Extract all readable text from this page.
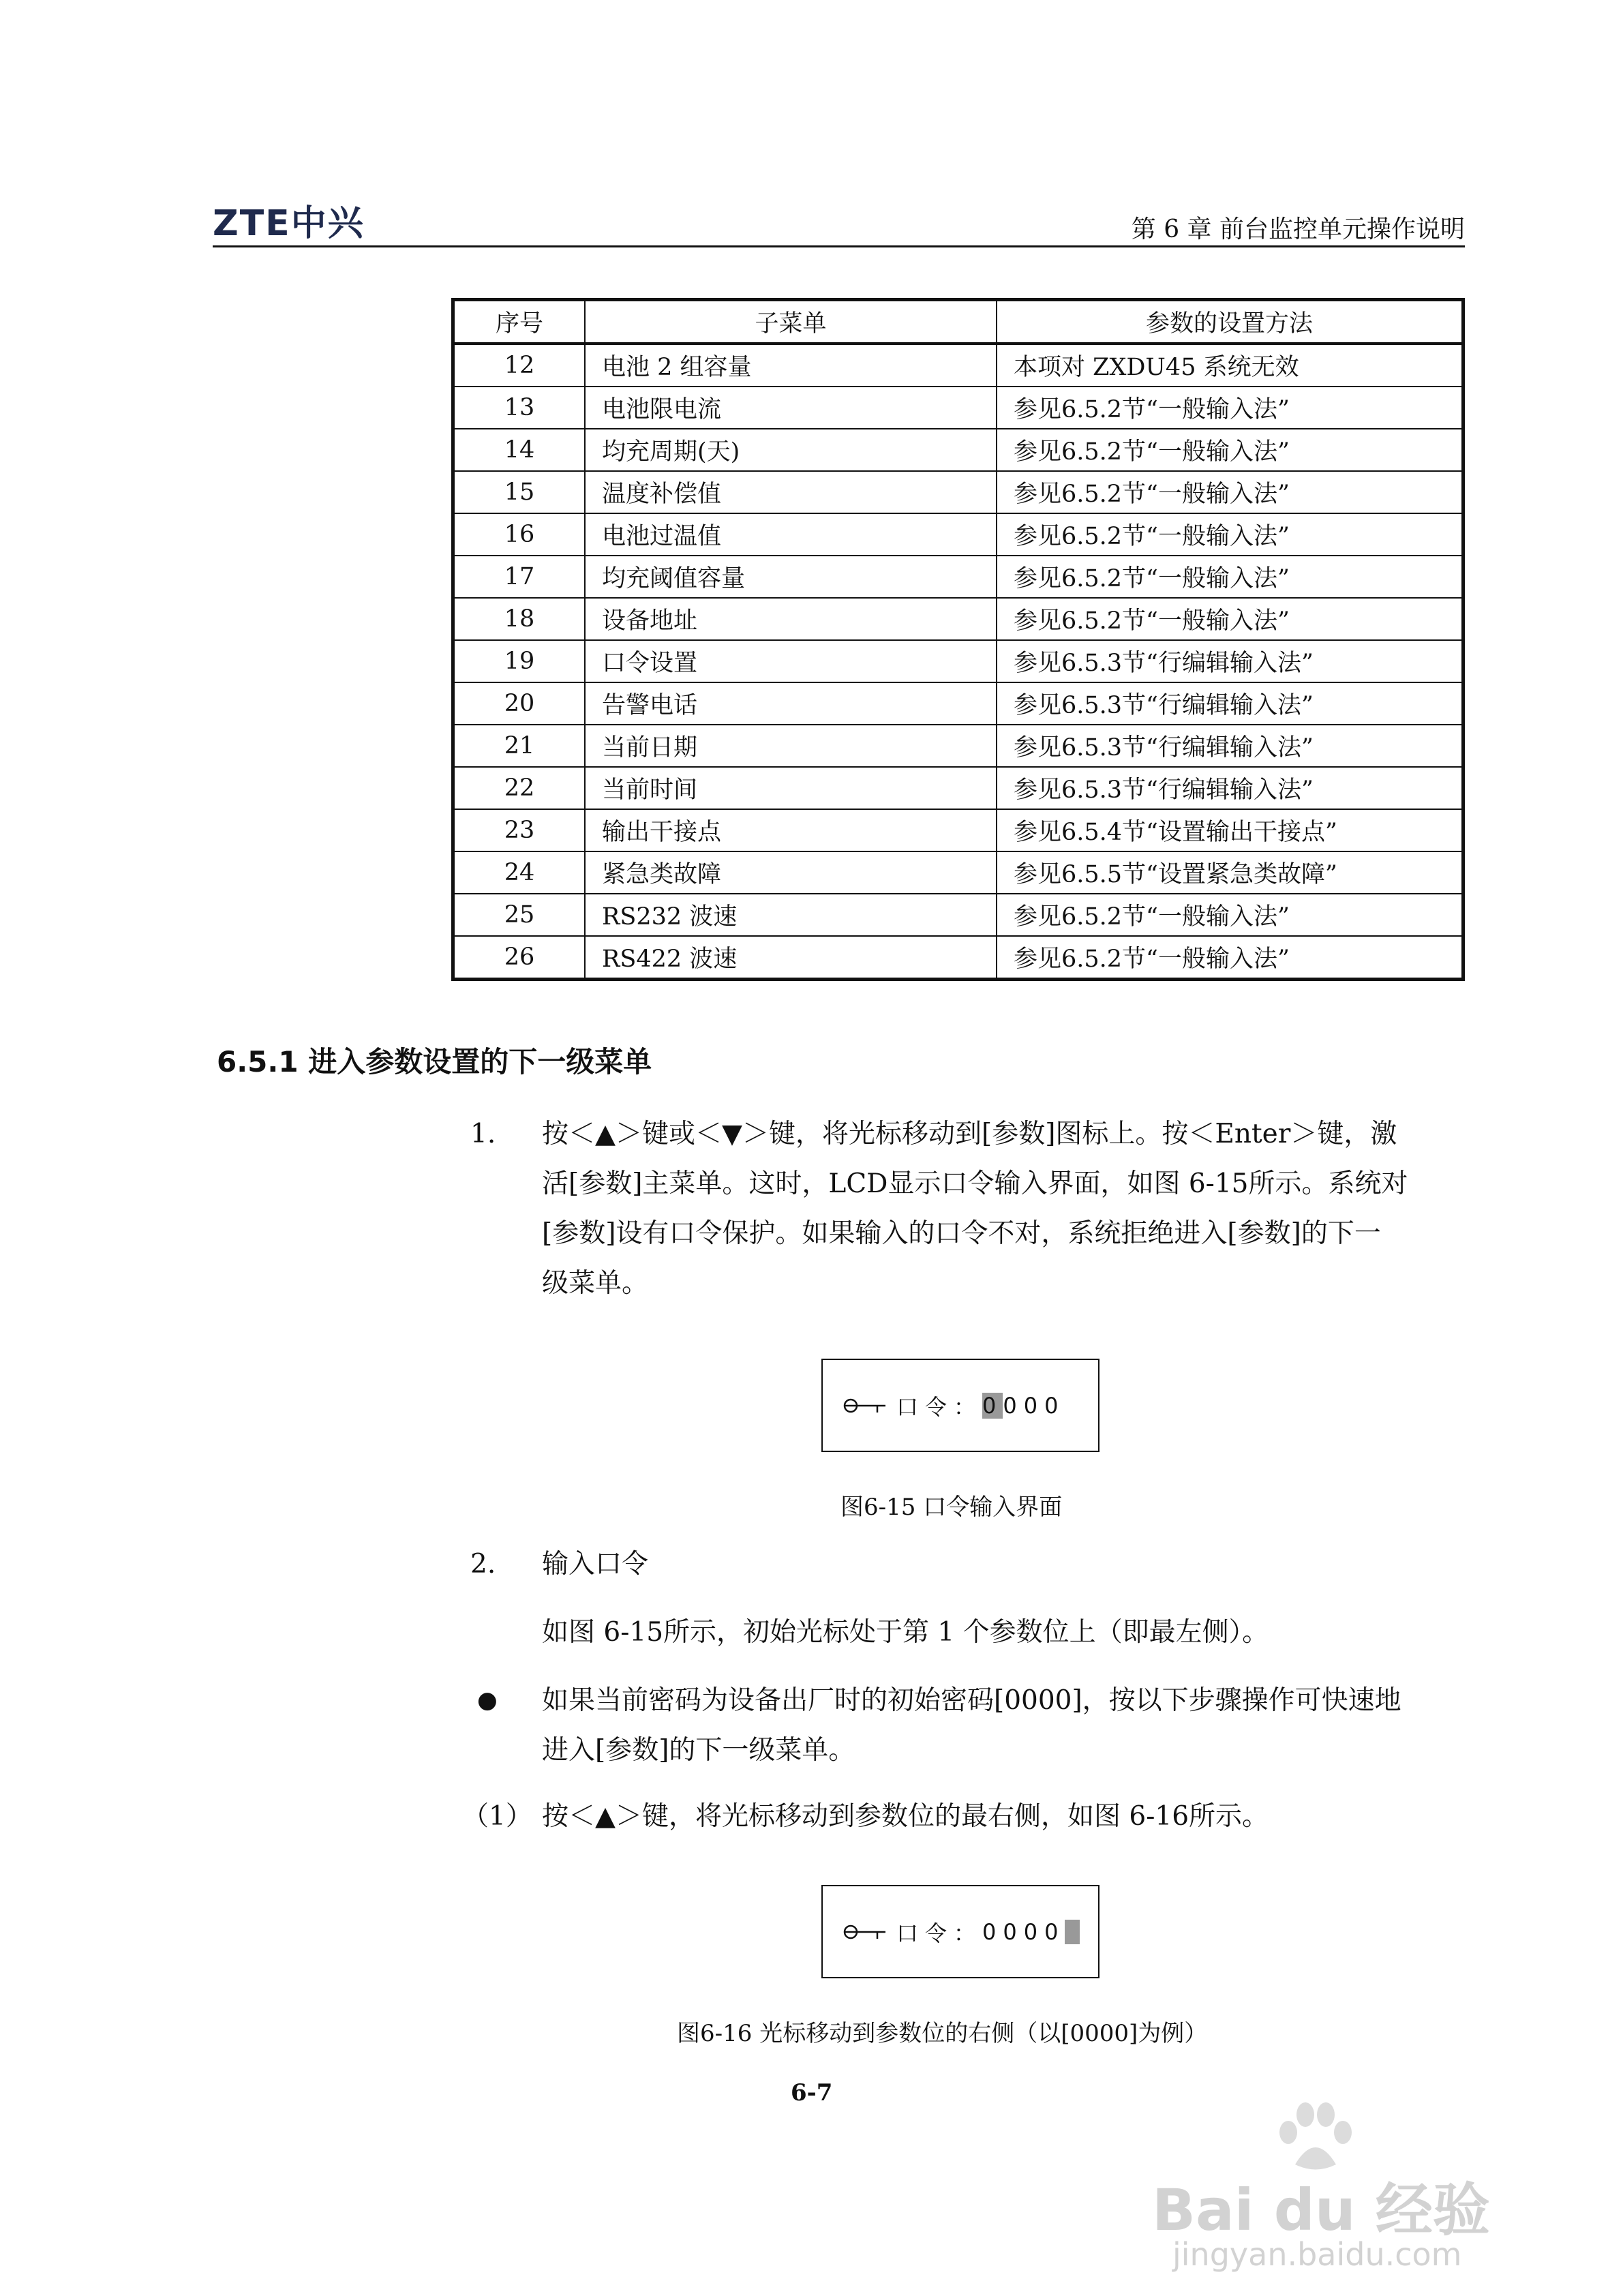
ZTE中兴	第 6 章 前台监控单元操作说明
序号	子菜单	参数的设置方法
12	电池 2 组容量	本项对 ZXDU45 系统无效
13	电池限电流	参见6.5.2节“一般输入法”
14	均充周期(天)	参见6.5.2节“一般输入法”
15	温度补偿值	参见6.5.2节“一般输入法”
16	电池过温值	参见6.5.2节“一般输入法”
17	均充阈值容量	参见6.5.2节“一般输入法”
18	设备地址	参见6.5.2节“一般输入法”
19	口令设置	参见6.5.3节“行编辑输入法”
20	告警电话	参见6.5.3节“行编辑输入法”
21	当前日期	参见6.5.3节“行编辑输入法”
22	当前时间	参见6.5.3节“行编辑输入法”
23	输出干接点	参见6.5.4节“设置输出干接点”
24	紧急类故障	参见6.5.5节“设置紧急类故障”
25	RS232 波速	参见6.5.2节“一般输入法”
26	RS422 波速	参见6.5.2节“一般输入法”
6.5.1 进入参数设置的下一级菜单
1. 按＜▲＞键或＜▼＞键，将光标移动到[参数]图标上。按＜Enter＞键，激
活[参数]主菜单。这时，LCD显示口令输入界面，如图 6-15所示。系统对
[参数]设有口令保护。如果输入的口令不对，系统拒绝进入[参数]的下一
级菜单。
口令： 0 0 0 0
图6-15 口令输入界面
2. 输入口令
如图 6-15所示，初始光标处于第 1 个参数位上（即最左侧）。
● 如果当前密码为设备出厂时的初始密码[0000]，按以下步骤操作可快速地
进入[参数]的下一级菜单。
（1） 按＜▲＞键，将光标移动到参数位的最右侧，如图 6-16所示。
口令： 0 0 0 0
图6-16 光标移动到参数位的右侧（以[0000]为例）
6-7
Bai du 经验
jingyan.baidu.com
